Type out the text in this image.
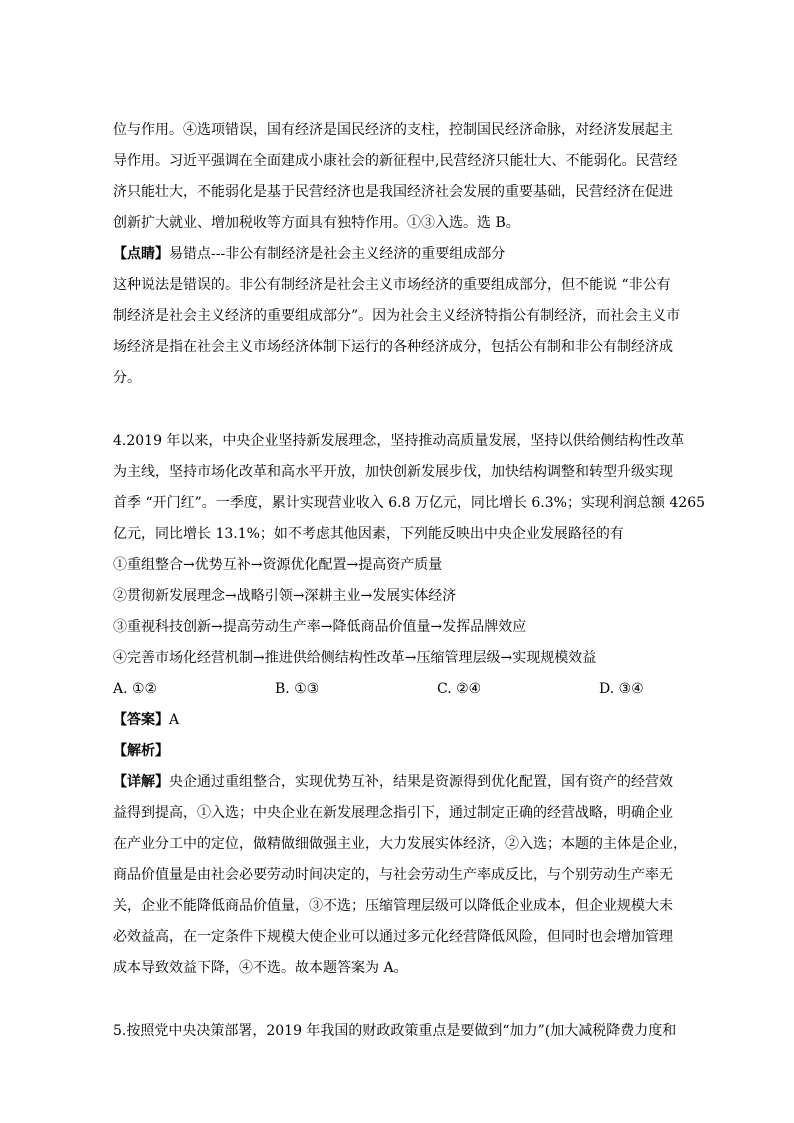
位与作用。④选项错误，国有经济是国民经济的支柱，控制国民经济命脉，对经济发展起主
导作用。习近平强调在全面建成小康社会的新征程中,民营经济只能壮大、不能弱化。民营经
济只能壮大，不能弱化是基于民营经济也是我国经济社会发展的重要基础，民营经济在促进
创新扩大就业、增加税收等方面具有独特作用。①③入选。选 B。
【点睛】易错点---非公有制经济是社会主义经济的重要组成部分
这种说法是错误的。非公有制经济是社会主义市场经济的重要组成部分，但不能说 “非公有
制经济是社会主义经济的重要组成部分”。因为社会主义经济特指公有制经济，而社会主义市
场经济是指在社会主义市场经济体制下运行的各种经济成分，包括公有制和非公有制经济成
分。
4.2019 年以来，中央企业坚持新发展理念，坚持推动高质量发展，坚持以供给侧结构性改革
为主线，坚持市场化改革和高水平开放，加快创新发展步伐，加快结构调整和转型升级实现
首季 “开门红”。一季度，累计实现营业收入 6.8 万亿元，同比增长 6.3%；实现利润总额 4265
亿元，同比增长 13.1%；如不考虑其他因素，下列能反映出中央企业发展路径的有
①重组整合→优势互补→资源优化配置→提高资产质量
②贯彻新发展理念→战略引领→深耕主业→发展实体经济
③重视科技创新→提高劳动生产率→降低商品价值量→发挥品牌效应
④完善市场化经营机制→推进供给侧结构性改革→压缩管理层级→实现规模效益
A. ①②	B. ①③	C. ②④	D. ③④
【答案】A
【解析】
【详解】央企通过重组整合，实现优势互补，结果是资源得到优化配置，国有资产的经营效
益得到提高，①入选；中央企业在新发展理念指引下，通过制定正确的经营战略，明确企业
在产业分工中的定位，做精做细做强主业，大力发展实体经济，②入选；本题的主体是企业，
商品价值量是由社会必要劳动时间决定的，与社会劳动生产率成反比，与个别劳动生产率无
关，企业不能降低商品价值量，③不选；压缩管理层级可以降低企业成本，但企业规模大未
必效益高，在一定条件下规模大使企业可以通过多元化经营降低风险，但同时也会增加管理
成本导致效益下降，④不选。故本题答案为 A。
5.按照党中央决策部署，2019 年我国的财政政策重点是要做到“加力”(加大减税降费力度和
